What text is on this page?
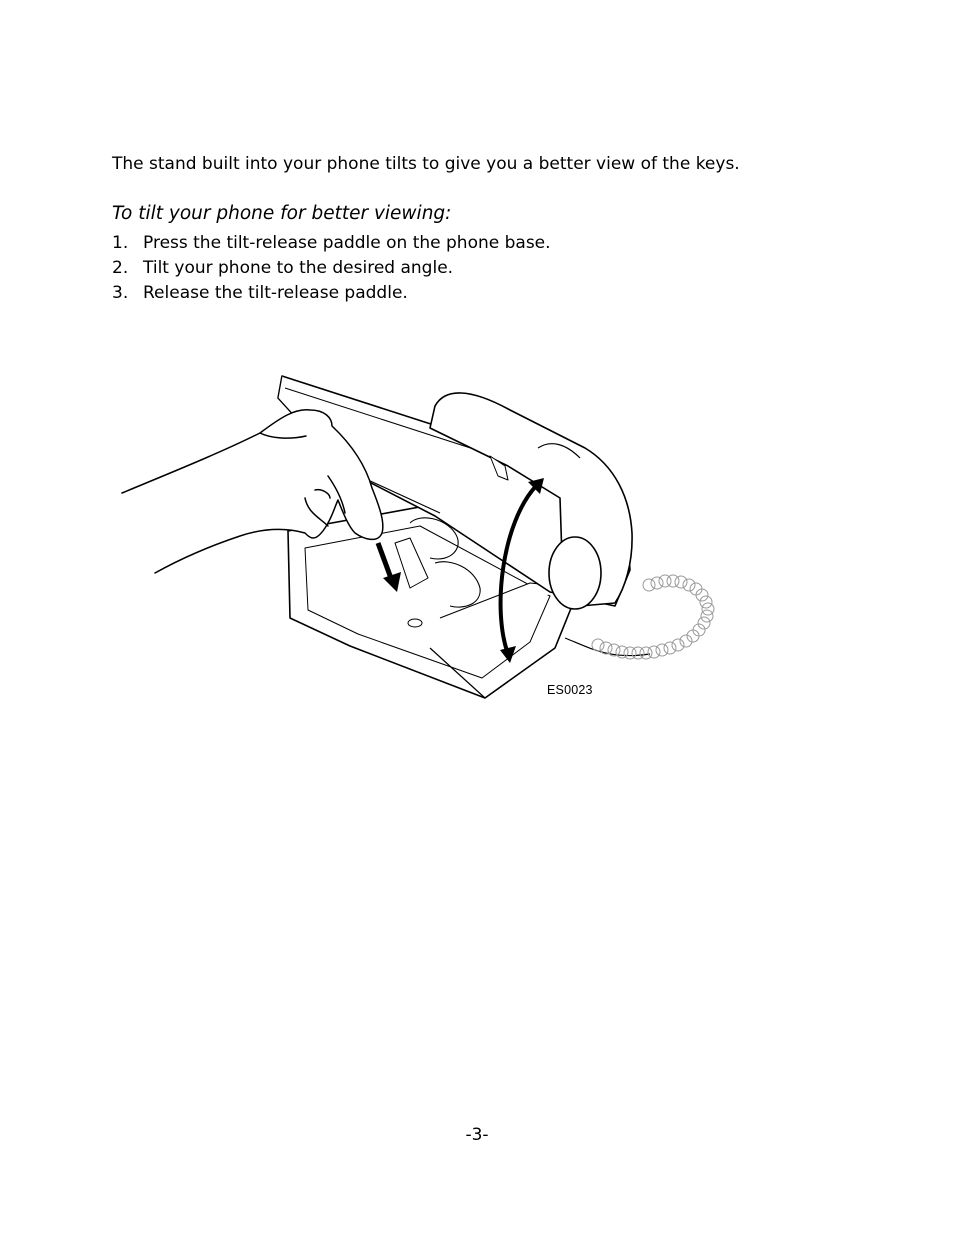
The stand built into your phone tilts to give you a better view of the keys.

To tilt your phone for better viewing:
1. Press the tilt-release paddle on the phone base.
2. Tilt your phone to the desired angle.
3. Release the tilt-release paddle.
ES0023
-3-
